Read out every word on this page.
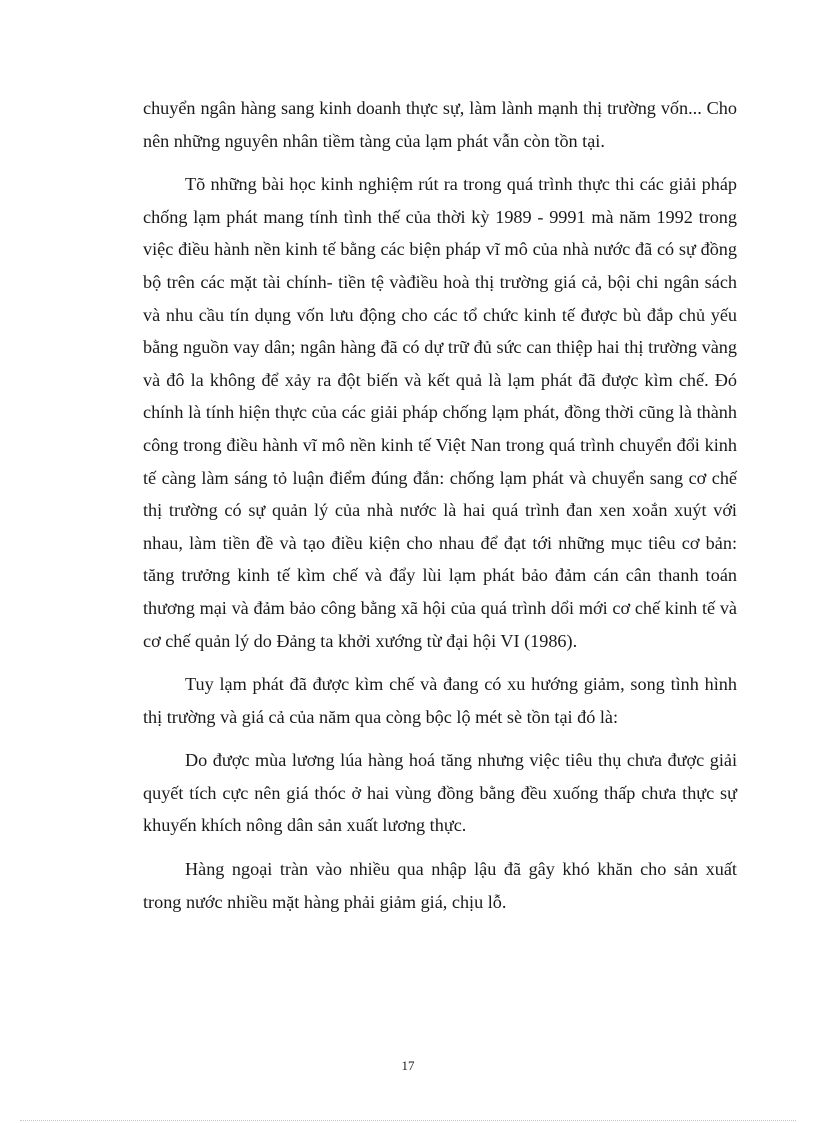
chuyển ngân hàng sang kinh doanh thực sự, làm lành mạnh thị trường vốn... Cho nên những nguyên nhân tiềm tàng của lạm phát vẫn còn tồn tại.

Tõ những bài học kinh nghiệm rút ra trong quá trình thực thi các giải pháp chống lạm phát mang tính tình thế của thời kỳ 1989 - 9991 mà năm 1992 trong việc điều hành nền kinh tế bằng các biện pháp vĩ mô của nhà nước đã có sự đồng bộ trên các mặt tài chính- tiền tệ vàđiều hoà thị trường giá cả, bội chi ngân sách và nhu cầu tín dụng vốn lưu động cho các tổ chức kinh tế được bù đắp chủ yếu bằng nguồn vay dân; ngân hàng đã có dự trữ đủ sức can thiệp hai thị trường vàng và đô la không để xảy ra đột biến và kết quả là lạm phát đã được kìm chế. Đó chính là tính hiện thực của các giải pháp chống lạm phát, đồng thời cũng là thành công trong điều hành vĩ mô nền kinh tế Việt Nan trong quá trình chuyển đổi kinh tế càng làm sáng tỏ luận điểm đúng đắn: chống lạm phát và chuyển sang cơ chế thị trường có sự quản lý của nhà nước là hai quá trình đan xen xoắn xuýt với nhau, làm tiền đề và tạo điều kiện cho nhau để đạt tới những mục tiêu cơ bản: tăng trưởng kinh tế kìm chế và đẩy lùi lạm phát bảo đảm cán cân thanh toán thương mại và đảm bảo công bằng xã hội của quá trình dổi mới cơ chế kinh tế và cơ chế quản lý do Đảng ta khởi xướng từ đại hội VI (1986).

Tuy lạm phát đã được kìm chế và đang có xu hướng giảm, song tình hình thị trường và giá cả của năm qua còng bộc lộ mét sè tồn tại đó là:

Do được mùa lương lúa hàng hoá tăng nhưng việc tiêu thụ chưa được giải quyết tích cực nên giá thóc ở hai vùng đồng bằng đều xuống thấp chưa thực sự khuyến khích nông dân sản xuất lương thực.

Hàng ngoại tràn vào nhiều qua nhập lậu đã gây khó khăn cho sản xuất trong nước nhiều mặt hàng phải giảm giá, chịu lỗ.

17
